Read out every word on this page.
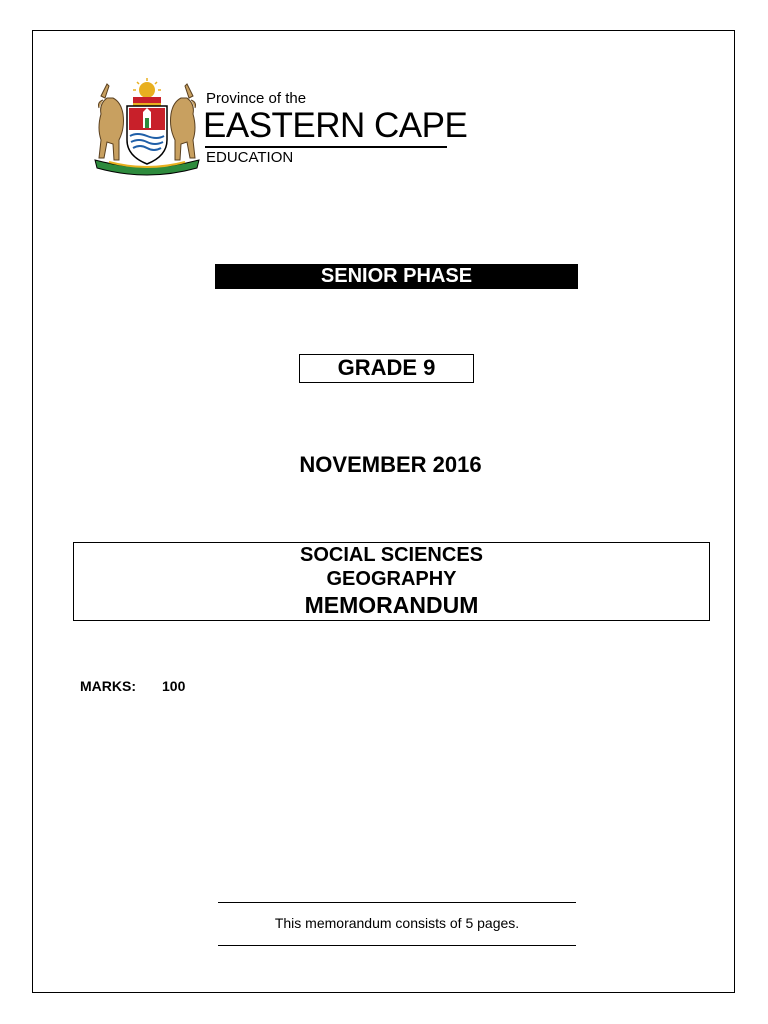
Province of the
EASTERN CAPE
EDUCATION
SENIOR PHASE
GRADE 9
NOVEMBER 2016
SOCIAL SCIENCES
GEOGRAPHY
MEMORANDUM
MARKS: 100
This memorandum consists of 5 pages.
